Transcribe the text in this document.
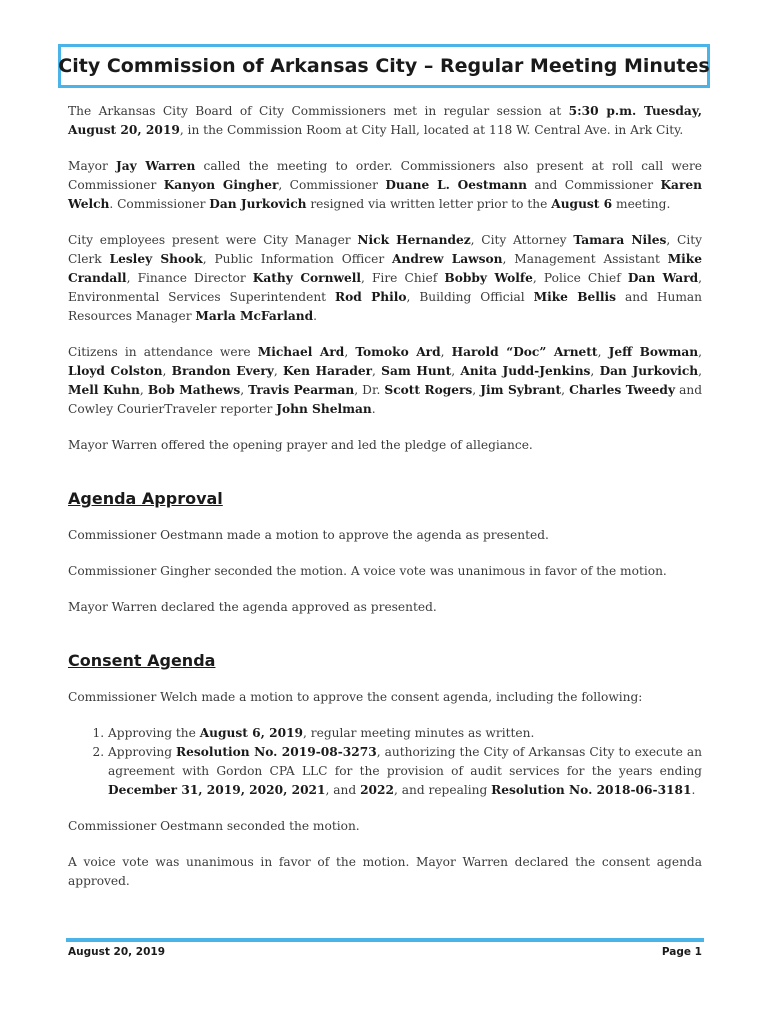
City Commission of Arkansas City – Regular Meeting Minutes

The Arkansas City Board of City Commissioners met in regular session at 5:30 p.m. Tuesday, August 20, 2019, in the Commission Room at City Hall, located at 118 W. Central Ave. in Ark City.

Mayor Jay Warren called the meeting to order. Commissioners also present at roll call were Commissioner Kanyon Gingher, Commissioner Duane L. Oestmann and Commissioner Karen Welch. Commissioner Dan Jurkovich resigned via written letter prior to the August 6 meeting.

City employees present were City Manager Nick Hernandez, City Attorney Tamara Niles, City Clerk Lesley Shook, Public Information Officer Andrew Lawson, Management Assistant Mike Crandall, Finance Director Kathy Cornwell, Fire Chief Bobby Wolfe, Police Chief Dan Ward, Environmental Services Superintendent Rod Philo, Building Official Mike Bellis and Human Resources Manager Marla McFarland.

Citizens in attendance were Michael Ard, Tomoko Ard, Harold “Doc” Arnett, Jeff Bowman, Lloyd Colston, Brandon Every, Ken Harader, Sam Hunt, Anita Judd-Jenkins, Dan Jurkovich, Mell Kuhn, Bob Mathews, Travis Pearman, Dr. Scott Rogers, Jim Sybrant, Charles Tweedy and Cowley CourierTraveler reporter John Shelman.

Mayor Warren offered the opening prayer and led the pledge of allegiance.

Agenda Approval

Commissioner Oestmann made a motion to approve the agenda as presented.

Commissioner Gingher seconded the motion. A voice vote was unanimous in favor of the motion.

Mayor Warren declared the agenda approved as presented.

Consent Agenda

Commissioner Welch made a motion to approve the consent agenda, including the following:

1. Approving the August 6, 2019, regular meeting minutes as written.
2. Approving Resolution No. 2019-08-3273, authorizing the City of Arkansas City to execute an agreement with Gordon CPA LLC for the provision of audit services for the years ending December 31, 2019, 2020, 2021, and 2022, and repealing Resolution No. 2018-06-3181.

Commissioner Oestmann seconded the motion.

A voice vote was unanimous in favor of the motion. Mayor Warren declared the consent agenda approved.

August 20, 2019	Page 1
